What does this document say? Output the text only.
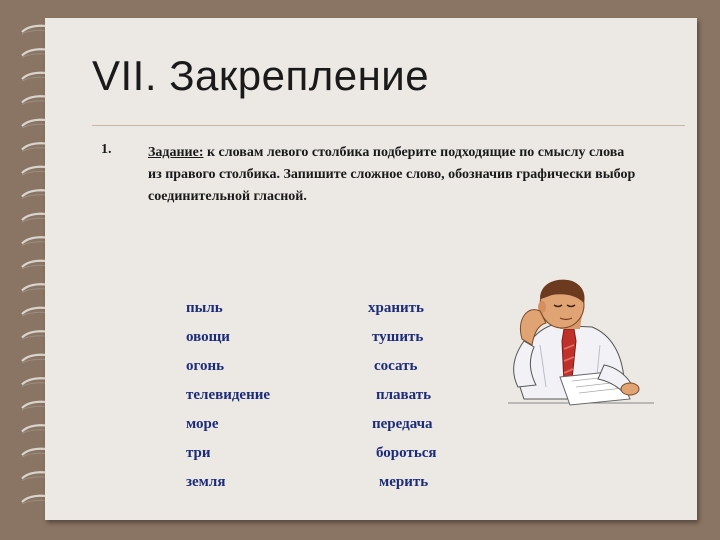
VII. Закрепление
1.	Задание: к словам левого столбика подберите подходящие по смыслу слова из правого столбика. Запишите сложное слово, обозначив графически выбор соединительной гласной.
пыль
овощи
огонь
телевидение
море
три
земля
хранить
тушить
сосать
плавать
передача
бороться
мерить
